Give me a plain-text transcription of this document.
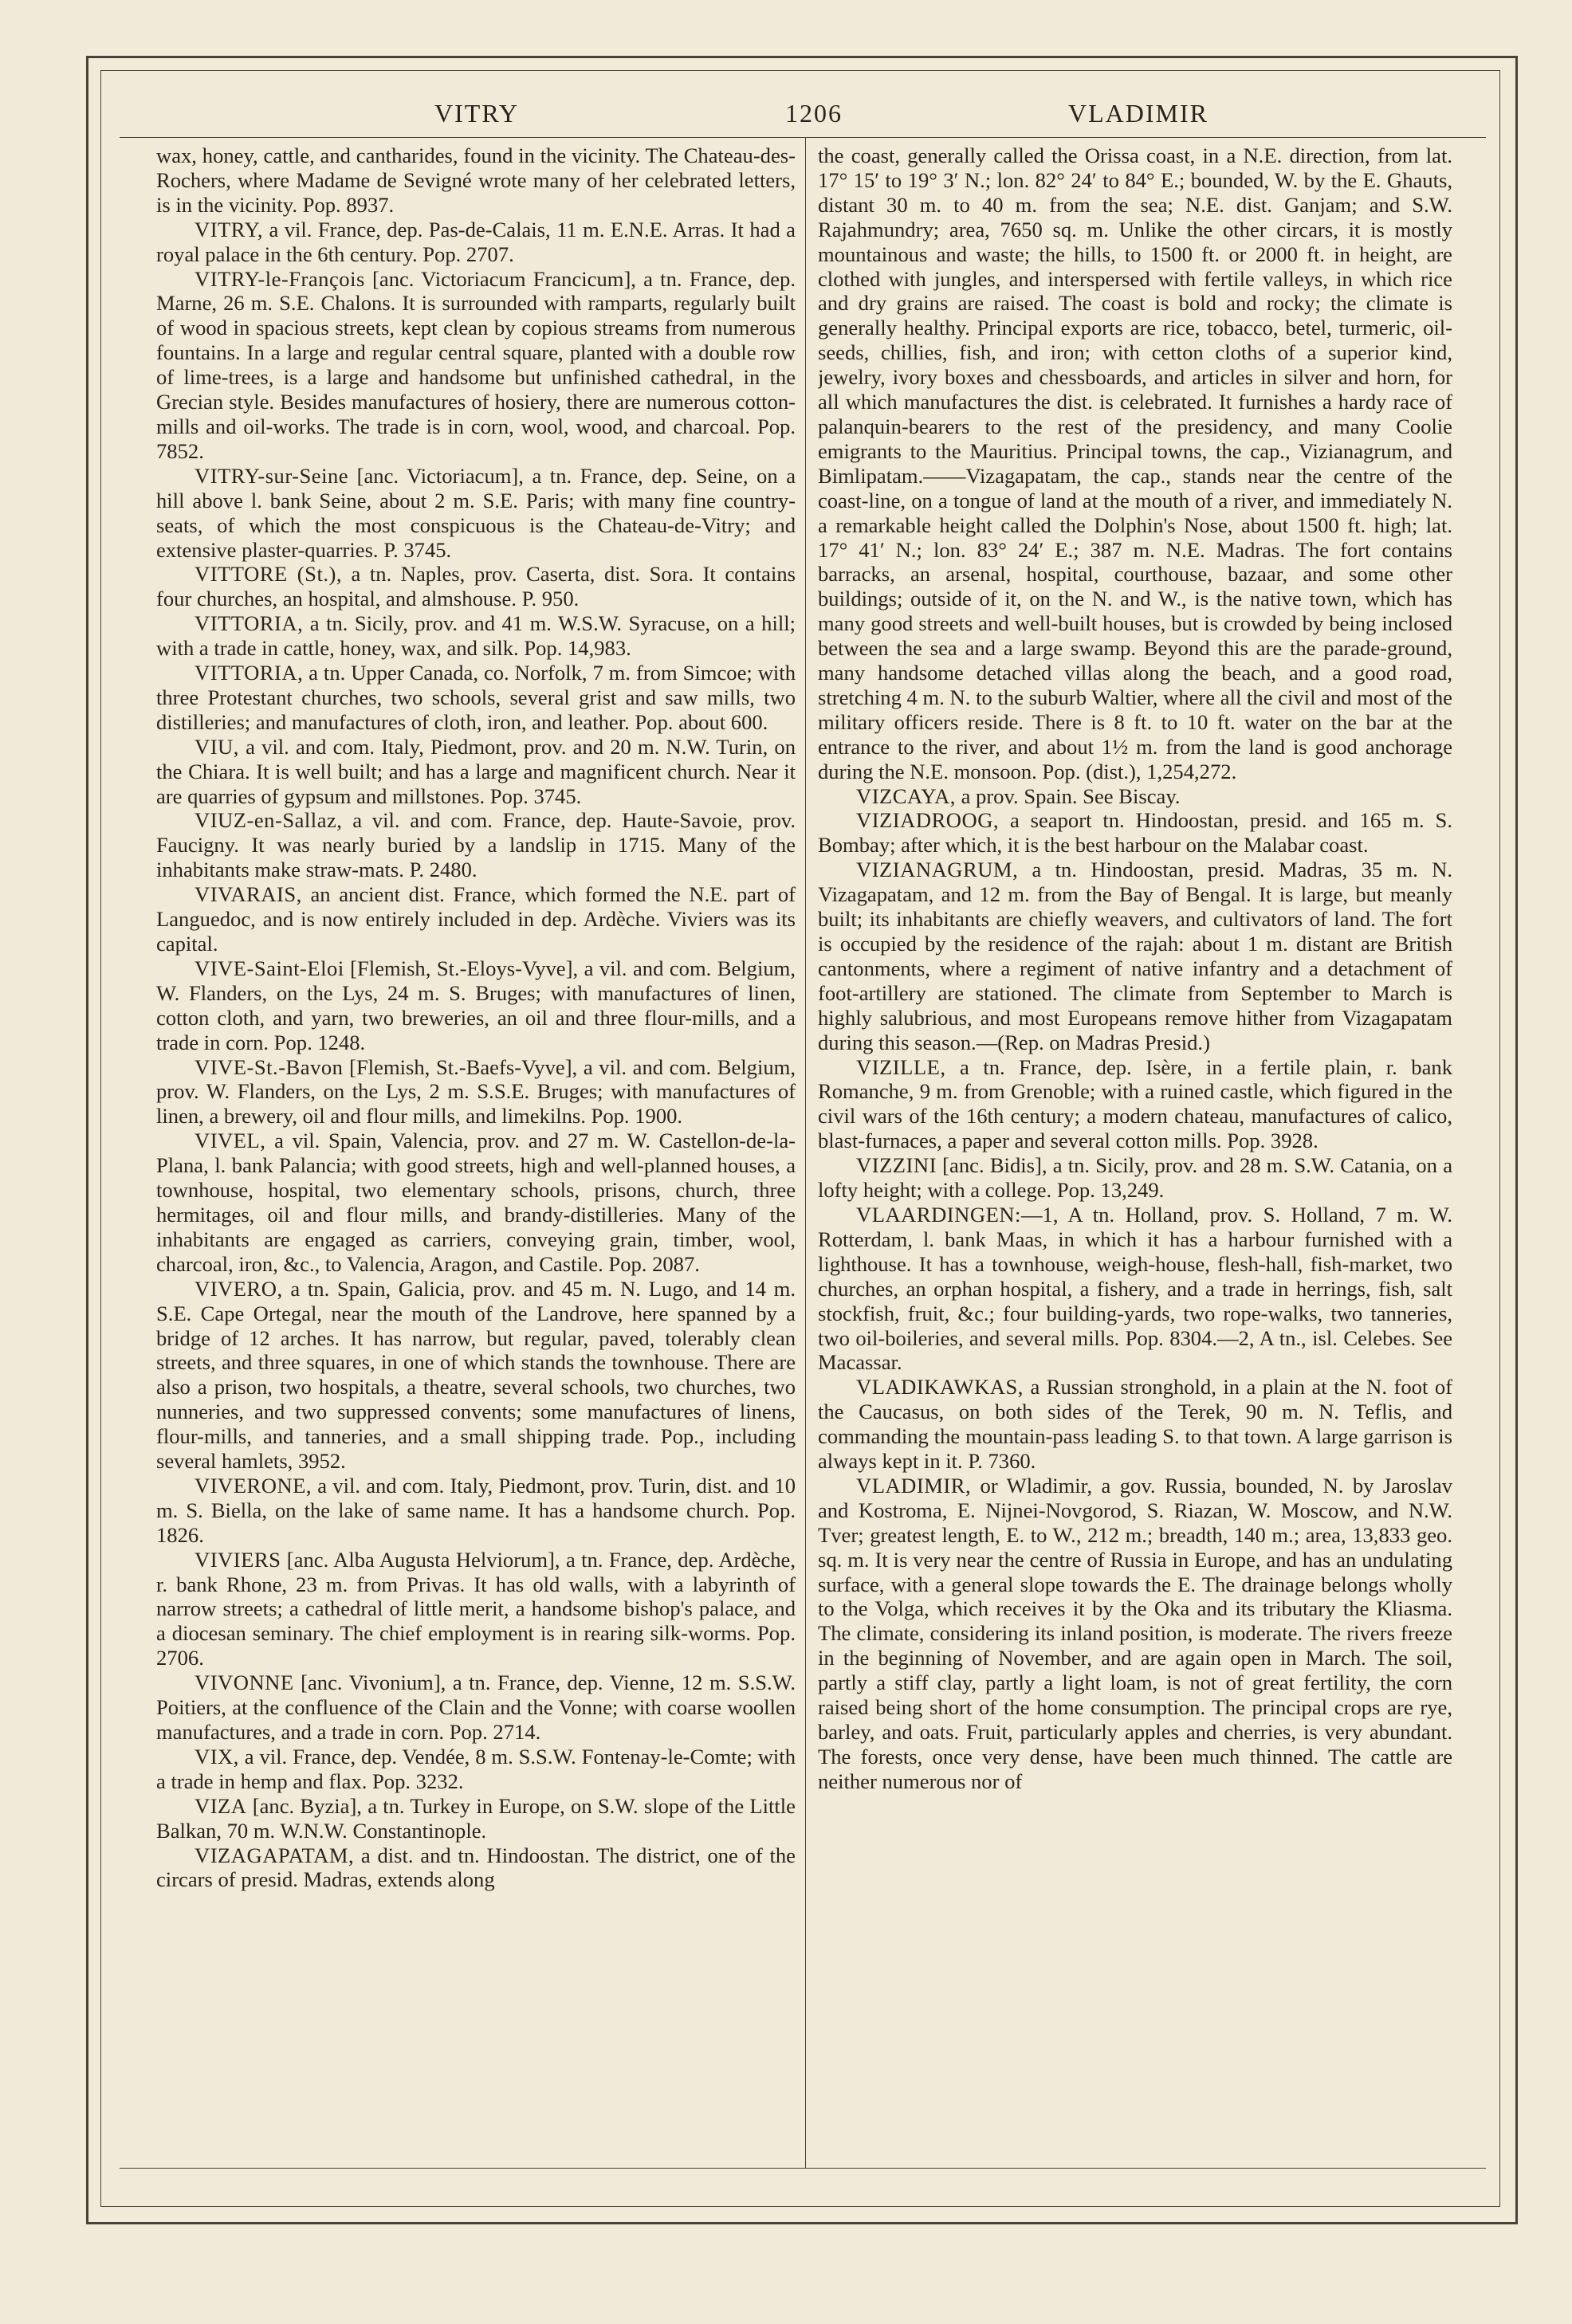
VITRY	1206	VLADIMIR

wax, honey, cattle, and cantharides, found in the vicinity. The Chateau-des-Rochers, where Madame de Sevigné wrote many of her celebrated letters, is in the vicinity. Pop. 8937.

VITRY, a vil. France, dep. Pas-de-Calais, 11 m. E.N.E. Arras. It had a royal palace in the 6th century. Pop. 2707.

VITRY-le-François [anc. Victoriacum Francicum], a tn. France, dep. Marne, 26 m. S.E. Chalons. It is surrounded with ramparts, regularly built of wood in spacious streets, kept clean by copious streams from numerous fountains. In a large and regular central square, planted with a double row of lime-trees, is a large and handsome but unfinished cathedral, in the Grecian style. Besides manufactures of hosiery, there are numerous cotton-mills and oil-works. The trade is in corn, wool, wood, and charcoal. Pop. 7852.

VITRY-sur-Seine [anc. Victoriacum], a tn. France, dep. Seine, on a hill above l. bank Seine, about 2 m. S.E. Paris; with many fine country-seats, of which the most conspicuous is the Chateau-de-Vitry; and extensive plaster-quarries. P. 3745.

VITTORE (St.), a tn. Naples, prov. Caserta, dist. Sora. It contains four churches, an hospital, and almshouse. P. 950.

VITTORIA, a tn. Sicily, prov. and 41 m. W.S.W. Syracuse, on a hill; with a trade in cattle, honey, wax, and silk. Pop. 14,983.

VITTORIA, a tn. Upper Canada, co. Norfolk, 7 m. from Simcoe; with three Protestant churches, two schools, several grist and saw mills, two distilleries; and manufactures of cloth, iron, and leather. Pop. about 600.

VIU, a vil. and com. Italy, Piedmont, prov. and 20 m. N.W. Turin, on the Chiara. It is well built; and has a large and magnificent church. Near it are quarries of gypsum and millstones. Pop. 3745.

VIUZ-en-Sallaz, a vil. and com. France, dep. Haute-Savoie, prov. Faucigny. It was nearly buried by a landslip in 1715. Many of the inhabitants make straw-mats. P. 2480.

VIVARAIS, an ancient dist. France, which formed the N.E. part of Languedoc, and is now entirely included in dep. Ardèche. Viviers was its capital.

VIVE-Saint-Eloi [Flemish, St.-Eloys-Vyve], a vil. and com. Belgium, W. Flanders, on the Lys, 24 m. S. Bruges; with manufactures of linen, cotton cloth, and yarn, two breweries, an oil and three flour-mills, and a trade in corn. Pop. 1248.

VIVE-St.-Bavon [Flemish, St.-Baefs-Vyve], a vil. and com. Belgium, prov. W. Flanders, on the Lys, 2 m. S.S.E. Bruges; with manufactures of linen, a brewery, oil and flour mills, and limekilns. Pop. 1900.

VIVEL, a vil. Spain, Valencia, prov. and 27 m. W. Castellon-de-la-Plana, l. bank Palancia; with good streets, high and well-planned houses, a townhouse, hospital, two elementary schools, prisons, church, three hermitages, oil and flour mills, and brandy-distilleries. Many of the inhabitants are engaged as carriers, conveying grain, timber, wool, charcoal, iron, &c., to Valencia, Aragon, and Castile. Pop. 2087.

VIVERO, a tn. Spain, Galicia, prov. and 45 m. N. Lugo, and 14 m. S.E. Cape Ortegal, near the mouth of the Landrove, here spanned by a bridge of 12 arches. It has narrow, but regular, paved, tolerably clean streets, and three squares, in one of which stands the townhouse. There are also a prison, two hospitals, a theatre, several schools, two churches, two nunneries, and two suppressed convents; some manufactures of linens, flour-mills, and tanneries, and a small shipping trade. Pop., including several hamlets, 3952.

VIVERONE, a vil. and com. Italy, Piedmont, prov. Turin, dist. and 10 m. S. Biella, on the lake of same name. It has a handsome church. Pop. 1826.

VIVIERS [anc. Alba Augusta Helviorum], a tn. France, dep. Ardèche, r. bank Rhone, 23 m. from Privas. It has old walls, with a labyrinth of narrow streets; a cathedral of little merit, a handsome bishop's palace, and a diocesan seminary. The chief employment is in rearing silk-worms. Pop. 2706.

VIVONNE [anc. Vivonium], a tn. France, dep. Vienne, 12 m. S.S.W. Poitiers, at the confluence of the Clain and the Vonne; with coarse woollen manufactures, and a trade in corn. Pop. 2714.

VIX, a vil. France, dep. Vendée, 8 m. S.S.W. Fontenay-le-Comte; with a trade in hemp and flax. Pop. 3232.

VIZA [anc. Byzia], a tn. Turkey in Europe, on S.W. slope of the Little Balkan, 70 m. W.N.W. Constantinople.

VIZAGAPATAM, a dist. and tn. Hindoostan. The district, one of the circars of presid. Madras, extends along

the coast, generally called the Orissa coast, in a N.E. direction, from lat. 17° 15′ to 19° 3′ N.; lon. 82° 24′ to 84° E.; bounded, W. by the E. Ghauts, distant 30 m. to 40 m. from the sea; N.E. dist. Ganjam; and S.W. Rajahmundry; area, 7650 sq. m. Unlike the other circars, it is mostly mountainous and waste; the hills, to 1500 ft. or 2000 ft. in height, are clothed with jungles, and interspersed with fertile valleys, in which rice and dry grains are raised. The coast is bold and rocky; the climate is generally healthy. Principal exports are rice, tobacco, betel, turmeric, oil-seeds, chillies, fish, and iron; with cetton cloths of a superior kind, jewelry, ivory boxes and chessboards, and articles in silver and horn, for all which manufactures the dist. is celebrated. It furnishes a hardy race of palanquin-bearers to the rest of the presidency, and many Coolie emigrants to the Mauritius. Principal towns, the cap., Vizianagrum, and Bimlipatam.——Vizagapatam, the cap., stands near the centre of the coast-line, on a tongue of land at the mouth of a river, and immediately N. a remarkable height called the Dolphin's Nose, about 1500 ft. high; lat. 17° 41′ N.; lon. 83° 24′ E.; 387 m. N.E. Madras. The fort contains barracks, an arsenal, hospital, courthouse, bazaar, and some other buildings; outside of it, on the N. and W., is the native town, which has many good streets and well-built houses, but is crowded by being inclosed between the sea and a large swamp. Beyond this are the parade-ground, many handsome detached villas along the beach, and a good road, stretching 4 m. N. to the suburb Waltier, where all the civil and most of the military officers reside. There is 8 ft. to 10 ft. water on the bar at the entrance to the river, and about 1½ m. from the land is good anchorage during the N.E. monsoon. Pop. (dist.), 1,254,272.

VIZCAYA, a prov. Spain. See Biscay.

VIZIADROOG, a seaport tn. Hindoostan, presid. and 165 m. S. Bombay; after which, it is the best harbour on the Malabar coast.

VIZIANAGRUM, a tn. Hindoostan, presid. Madras, 35 m. N. Vizagapatam, and 12 m. from the Bay of Bengal. It is large, but meanly built; its inhabitants are chiefly weavers, and cultivators of land. The fort is occupied by the residence of the rajah: about 1 m. distant are British cantonments, where a regiment of native infantry and a detachment of foot-artillery are stationed. The climate from September to March is highly salubrious, and most Europeans remove hither from Vizagapatam during this season.—(Rep. on Madras Presid.)

VIZILLE, a tn. France, dep. Isère, in a fertile plain, r. bank Romanche, 9 m. from Grenoble; with a ruined castle, which figured in the civil wars of the 16th century; a modern chateau, manufactures of calico, blast-furnaces, a paper and several cotton mills. Pop. 3928.

VIZZINI [anc. Bidis], a tn. Sicily, prov. and 28 m. S.W. Catania, on a lofty height; with a college. Pop. 13,249.

VLAARDINGEN:—1, A tn. Holland, prov. S. Holland, 7 m. W. Rotterdam, l. bank Maas, in which it has a harbour furnished with a lighthouse. It has a townhouse, weigh-house, flesh-hall, fish-market, two churches, an orphan hospital, a fishery, and a trade in herrings, fish, salt stockfish, fruit, &c.; four building-yards, two rope-walks, two tanneries, two oil-boileries, and several mills. Pop. 8304.—2, A tn., isl. Celebes. See Macassar.

VLADIKAWKAS, a Russian stronghold, in a plain at the N. foot of the Caucasus, on both sides of the Terek, 90 m. N. Teflis, and commanding the mountain-pass leading S. to that town. A large garrison is always kept in it. P. 7360.

VLADIMIR, or Wladimir, a gov. Russia, bounded, N. by Jaroslav and Kostroma, E. Nijnei-Novgorod, S. Riazan, W. Moscow, and N.W. Tver; greatest length, E. to W., 212 m.; breadth, 140 m.; area, 13,833 geo. sq. m. It is very near the centre of Russia in Europe, and has an undulating surface, with a general slope towards the E. The drainage belongs wholly to the Volga, which receives it by the Oka and its tributary the Kliasma. The climate, considering its inland position, is moderate. The rivers freeze in the beginning of November, and are again open in March. The soil, partly a stiff clay, partly a light loam, is not of great fertility, the corn raised being short of the home consumption. The principal crops are rye, barley, and oats. Fruit, particularly apples and cherries, is very abundant. The forests, once very dense, have been much thinned. The cattle are neither numerous nor of
